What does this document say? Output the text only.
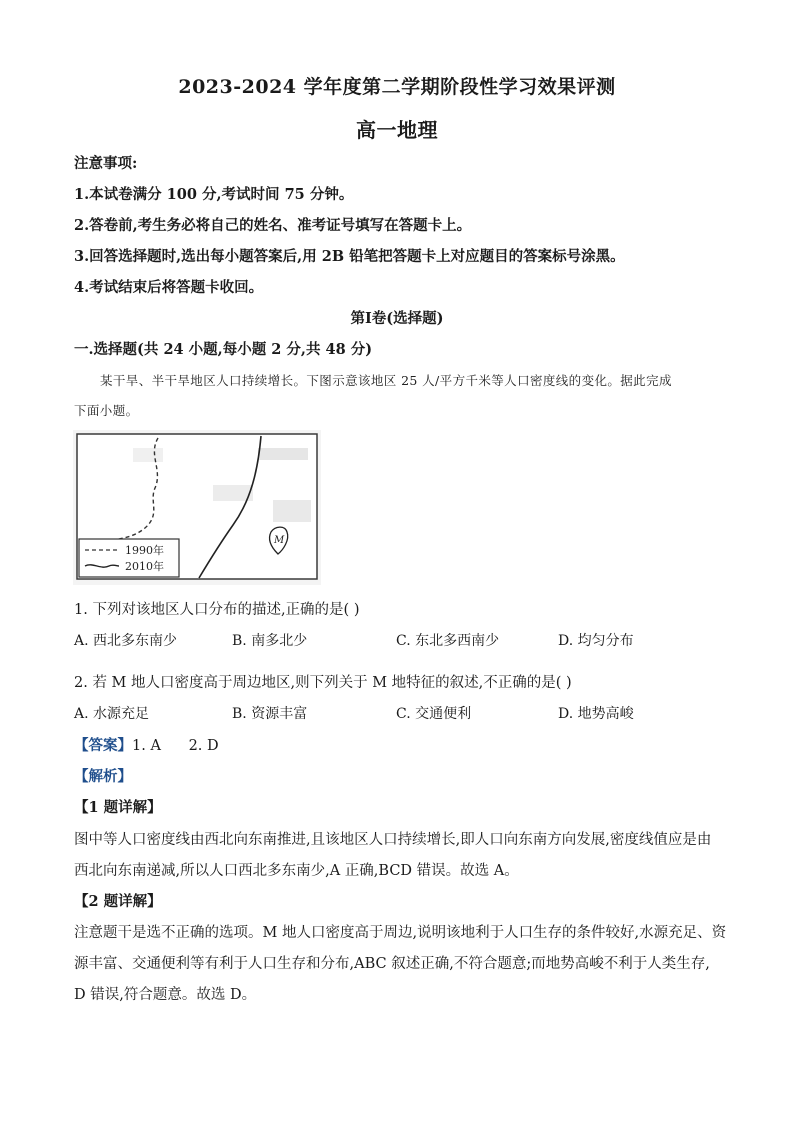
2023-2024 学年度第二学期阶段性学习效果评测
高一地理
注意事项:
1.本试卷满分 100 分,考试时间 75 分钟。
2.答卷前,考生务必将自己的姓名、准考证号填写在答题卡上。
3.回答选择题时,选出每小题答案后,用 2B 铅笔把答题卡上对应题目的答案标号涂黑。
4.考试结束后将答题卡收回。
第Ⅰ卷(选择题)
一.选择题(共 24 小题,每小题 2 分,共 48 分)
某干旱、半干旱地区人口持续增长。下图示意该地区 25 人/平方千米等人口密度线的变化。据此完成
下面小题。
M
1990年
2010年
1. 下列对该地区人口分布的描述,正确的是( )
A. 西北多东南少	B. 南多北少	C. 东北多西南少	D. 均匀分布
2. 若 M 地人口密度高于周边地区,则下列关于 M 地特征的叙述,不正确的是( )
A. 水源充足	B. 资源丰富	C. 交通便利	D. 地势高峻
【答案】1. A      2. D
【解析】
【1 题详解】
图中等人口密度线由西北向东南推进,且该地区人口持续增长,即人口向东南方向发展,密度线值应是由
西北向东南递减,所以人口西北多东南少,A 正确,BCD 错误。故选 A。
【2 题详解】
注意题干是选不正确的选项。M 地人口密度高于周边,说明该地利于人口生存的条件较好,水源充足、资
源丰富、交通便利等有利于人口生存和分布,ABC 叙述正确,不符合题意;而地势高峻不利于人类生存,
D 错误,符合题意。故选 D。
